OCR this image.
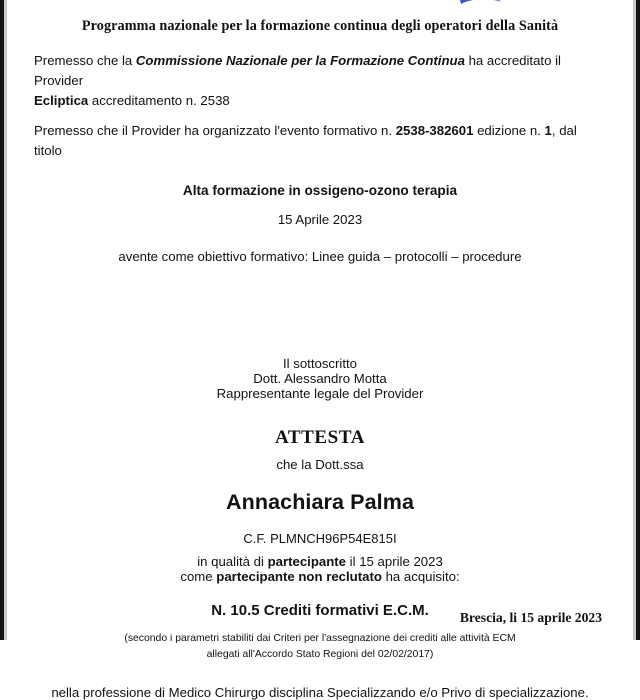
Programma nazionale per la formazione continua degli operatori della Sanità

Premesso che la Commissione Nazionale per la Formazione Continua ha accreditato il Provider

Ecliptica accreditamento n. 2538

Premesso che il Provider ha organizzato l'evento formativo n. 2538-382601 edizione n. 1, dal titolo

Alta formazione in ossigeno-ozono terapia

15 Aprile 2023

avente come obiettivo formativo: Linee guida – protocolli – procedure

Il sottoscritto

Dott. Alessandro Motta

Rappresentante legale del Provider

ATTESTA

che la Dott.ssa

Annachiara Palma

C.F. PLMNCH96P54E815I

in qualità di partecipante il 15 aprile 2023

come partecipante non reclutato ha acquisito:

N. 10.5 Crediti formativi E.C.M.

(secondo i parametri stabiliti dai Criteri per l'assegnazione dei crediti alle attività ECM

allegati all'Accordo Stato Regioni del 02/02/2017)

nella professione di Medico Chirurgo disciplina Specializzando e/o Privo di specializzazione.

Brescia, li 15 aprile 2023
